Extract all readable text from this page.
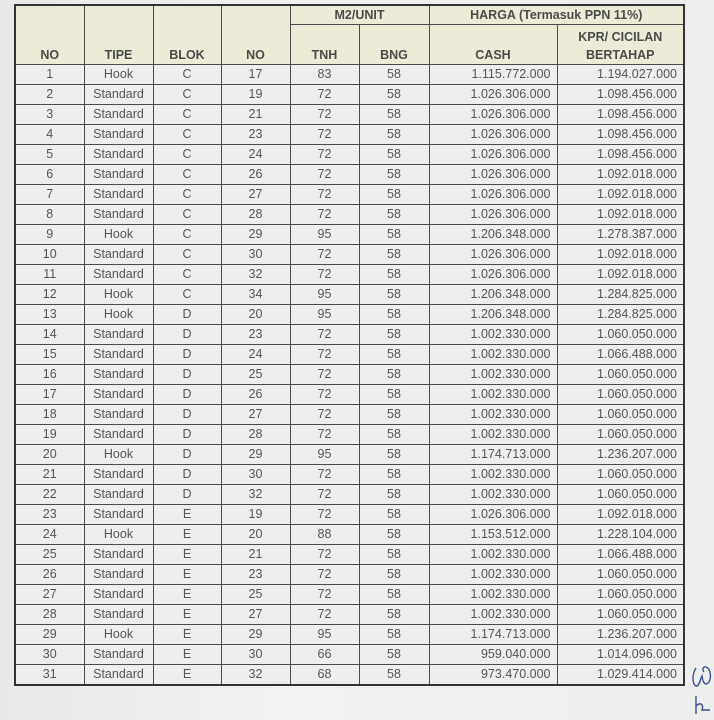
NO	TIPE	BLOK	NO	M2/UNIT		HARGA (Termasuk PPN 11%)	
				TNH	BNG	CASH	KPR/ CICILAN
BERTAHAP

1	Hook	C	17	83	58	1.115.772.000	1.194.027.000
2	Standard	C	19	72	58	1.026.306.000	1.098.456.000
3	Standard	C	21	72	58	1.026.306.000	1.098.456.000
4	Standard	C	23	72	58	1.026.306.000	1.098.456.000
5	Standard	C	24	72	58	1.026.306.000	1.098.456.000
6	Standard	C	26	72	58	1.026.306.000	1.092.018.000
7	Standard	C	27	72	58	1.026.306.000	1.092.018.000
8	Standard	C	28	72	58	1.026.306.000	1.092.018.000
9	Hook	C	29	95	58	1.206.348.000	1.278.387.000
10	Standard	C	30	72	58	1.026.306.000	1.092.018.000
11	Standard	C	32	72	58	1.026.306.000	1.092.018.000
12	Hook	C	34	95	58	1.206.348.000	1.284.825.000
13	Hook	D	20	95	58	1.206.348.000	1.284.825.000
14	Standard	D	23	72	58	1.002.330.000	1.060.050.000
15	Standard	D	24	72	58	1.002.330.000	1.066.488.000
16	Standard	D	25	72	58	1.002.330.000	1.060.050.000
17	Standard	D	26	72	58	1.002.330.000	1.060.050.000
18	Standard	D	27	72	58	1.002.330.000	1.060.050.000
19	Standard	D	28	72	58	1.002.330.000	1.060.050.000
20	Hook	D	29	95	58	1.174.713.000	1.236.207.000
21	Standard	D	30	72	58	1.002.330.000	1.060.050.000
22	Standard	D	32	72	58	1.002.330.000	1.060.050.000
23	Standard	E	19	72	58	1.026.306.000	1.092.018.000
24	Hook	E	20	88	58	1.153.512.000	1.228.104.000
25	Standard	E	21	72	58	1.002.330.000	1.066.488.000
26	Standard	E	23	72	58	1.002.330.000	1.060.050.000
27	Standard	E	25	72	58	1.002.330.000	1.060.050.000
28	Standard	E	27	72	58	1.002.330.000	1.060.050.000
29	Hook	E	29	95	58	1.174.713.000	1.236.207.000
30	Standard	E	30	66	58	959.040.000	1.014.096.000
31	Standard	E	32	68	58	973.470.000	1.029.414.000
